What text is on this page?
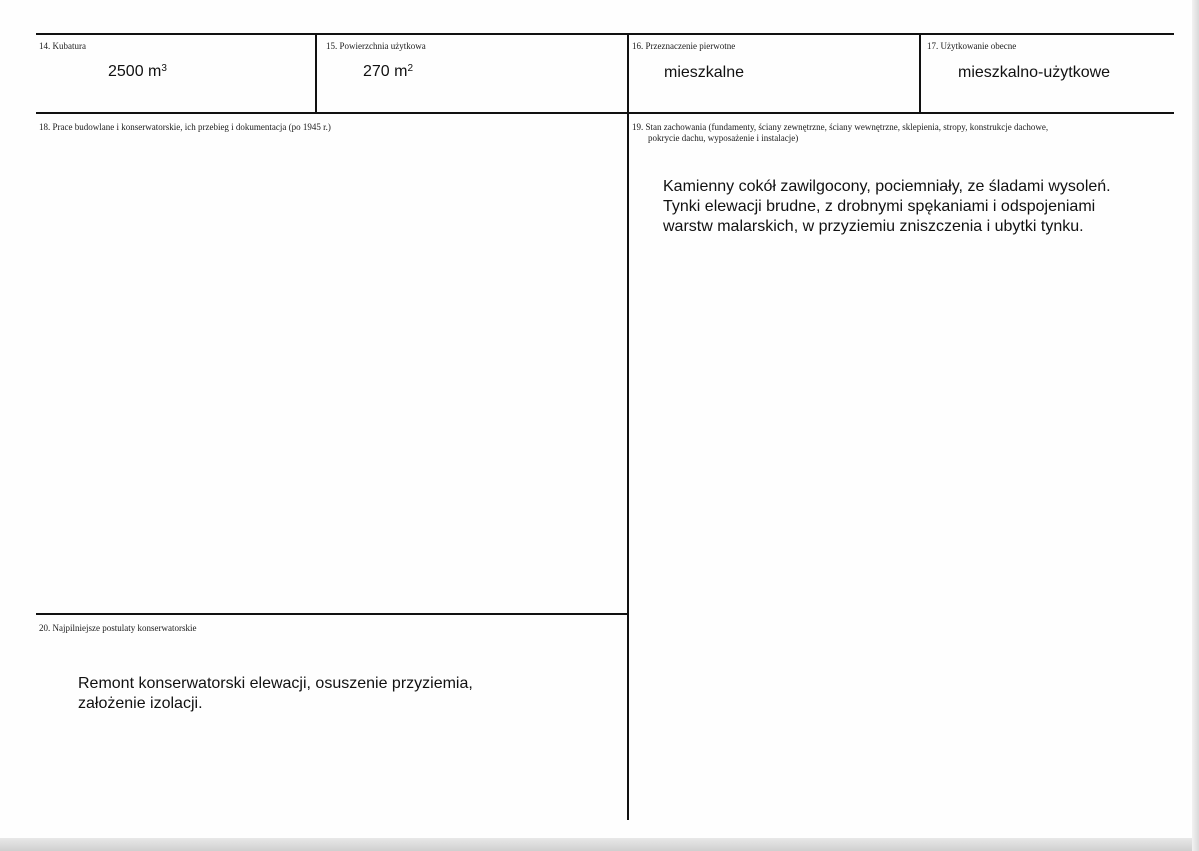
14. Kubatura
2500 $m^3$
15. Powierzchnia użytkowa
270 $m^2$
16. Przeznaczenie pierwotne
mieszkalne
17. Użytkowanie obecne
mieszkalno-użytkowe
18. Prace budowlane i konserwatorskie, ich przebieg i dokumentacja (po 1945 r.)	19. Stan zachowania (fundamenty, ściany zewnętrzne, ściany wewnętrzne, sklepienia, stropy, konstrukcje dachowe,
pokrycie dachu, wyposażenie i instalacje)
Kamienny cokół zawilgocony, pociemniały, ze śladami wysoleń.
Tynki elewacji brudne, z drobnymi spękaniami i odspojeniami
warstw malarskich, w przyziemiu zniszczenia i ubytki tynku.
20. Najpilniejsze postulaty konserwatorskie
Remont konserwatorski elewacji, osuszenie przyziemia,
założenie izolacji.
